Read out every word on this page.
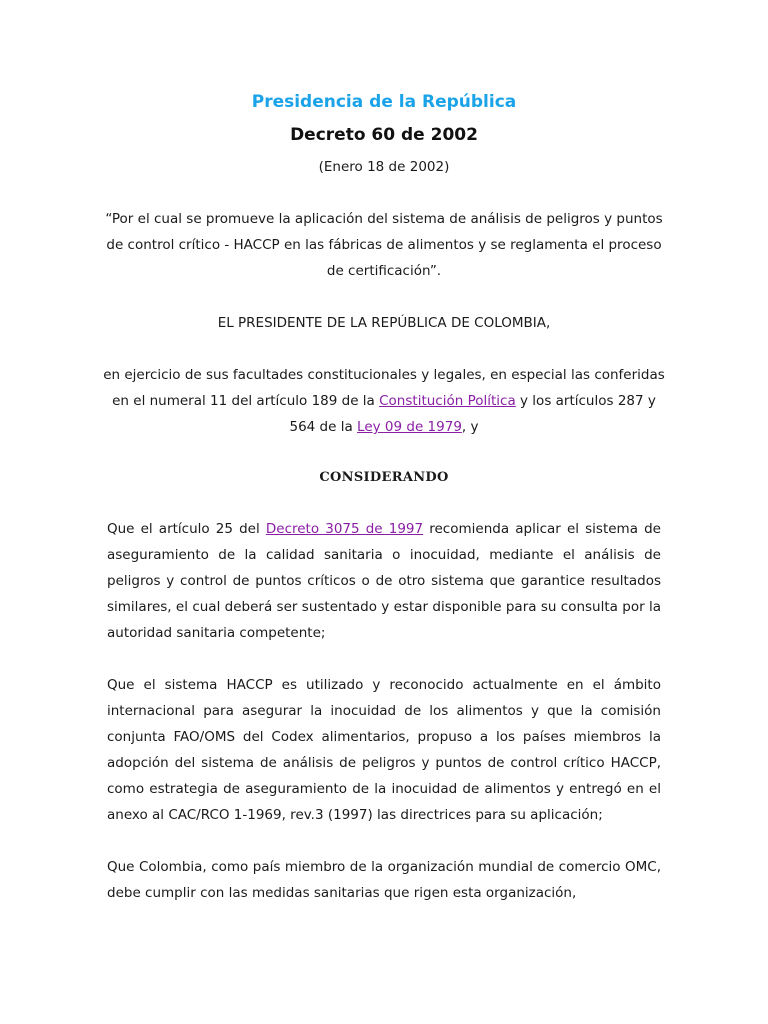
Presidencia de la República
Decreto 60 de 2002
(Enero 18 de 2002)
“Por el cual se promueve la aplicación del sistema de análisis de peligros y puntos de control crítico - HACCP en las fábricas de alimentos y se reglamenta el proceso de certificación”.
EL PRESIDENTE DE LA REPÚBLICA DE COLOMBIA,
en ejercicio de sus facultades constitucionales y legales, en especial las conferidas en el numeral 11 del artículo 189 de la Constitución Política y los artículos 287 y 564 de la Ley 09 de 1979, y
CONSIDERANDO
Que el artículo 25 del Decreto 3075 de 1997 recomienda aplicar el sistema de aseguramiento de la calidad sanitaria o inocuidad, mediante el análisis de peligros y control de puntos críticos o de otro sistema que garantice resultados similares, el cual deberá ser sustentado y estar disponible para su consulta por la autoridad sanitaria competente;
Que el sistema HACCP es utilizado y reconocido actualmente en el ámbito internacional para asegurar la inocuidad de los alimentos y que la comisión conjunta FAO/OMS del Codex alimentarios, propuso a los países miembros la adopción del sistema de análisis de peligros y puntos de control crítico HACCP, como estrategia de aseguramiento de la inocuidad de alimentos y entregó en el anexo al CAC/RCO 1-1969, rev.3 (1997) las directrices para su aplicación;
Que Colombia, como país miembro de la organización mundial de comercio OMC, debe cumplir con las medidas sanitarias que rigen esta organización,
